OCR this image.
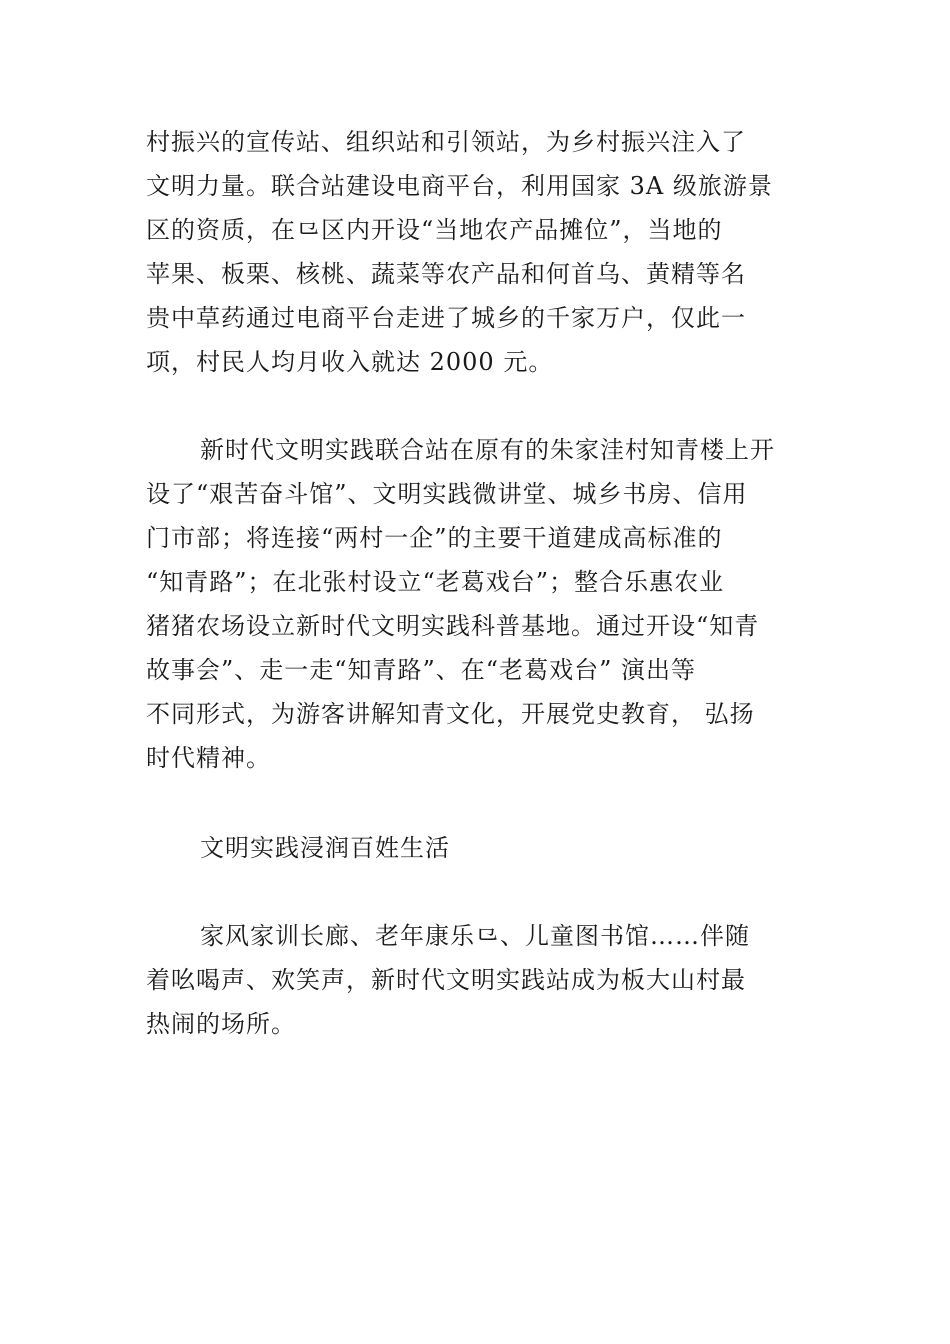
村振兴的宣传站、组织站和引领站，为乡村振兴注入了
文明力量。联合站建设电商平台，利用国家 3A 级旅游景
区的资质，在⺋区内开设“当地农产品摊位”，当地的
苹果、板栗、核桃、蔬菜等农产品和何首乌、黄精等名
贵中草药通过电商平台走进了城乡的千家万户，仅此一
项，村民人均月收入就达 2000 元。
新时代文明实践联合站在原有的朱家洼村知青楼上开
设了“艰苦奋斗馆”、文明实践微讲堂、城乡书房、信用
门市部；将连接“两村一企”的主要干道建成高标准的
“知青路”；在北张村设立“老葛戏台”；整合乐惠农业
猪猪农场设立新时代文明实践科普基地。通过开设“知青
故事会”、走一走“知青路”、在“老葛戏台” 演出等
不同形式，为游客讲解知青文化，开展党史教育， 弘扬
时代精神。
文明实践浸润百姓生活
家风家训长廊、老年康乐⺋、儿童图书馆……伴随
着吆喝声、欢笑声，新时代文明实践站成为板大山村最
热闹的场所。
